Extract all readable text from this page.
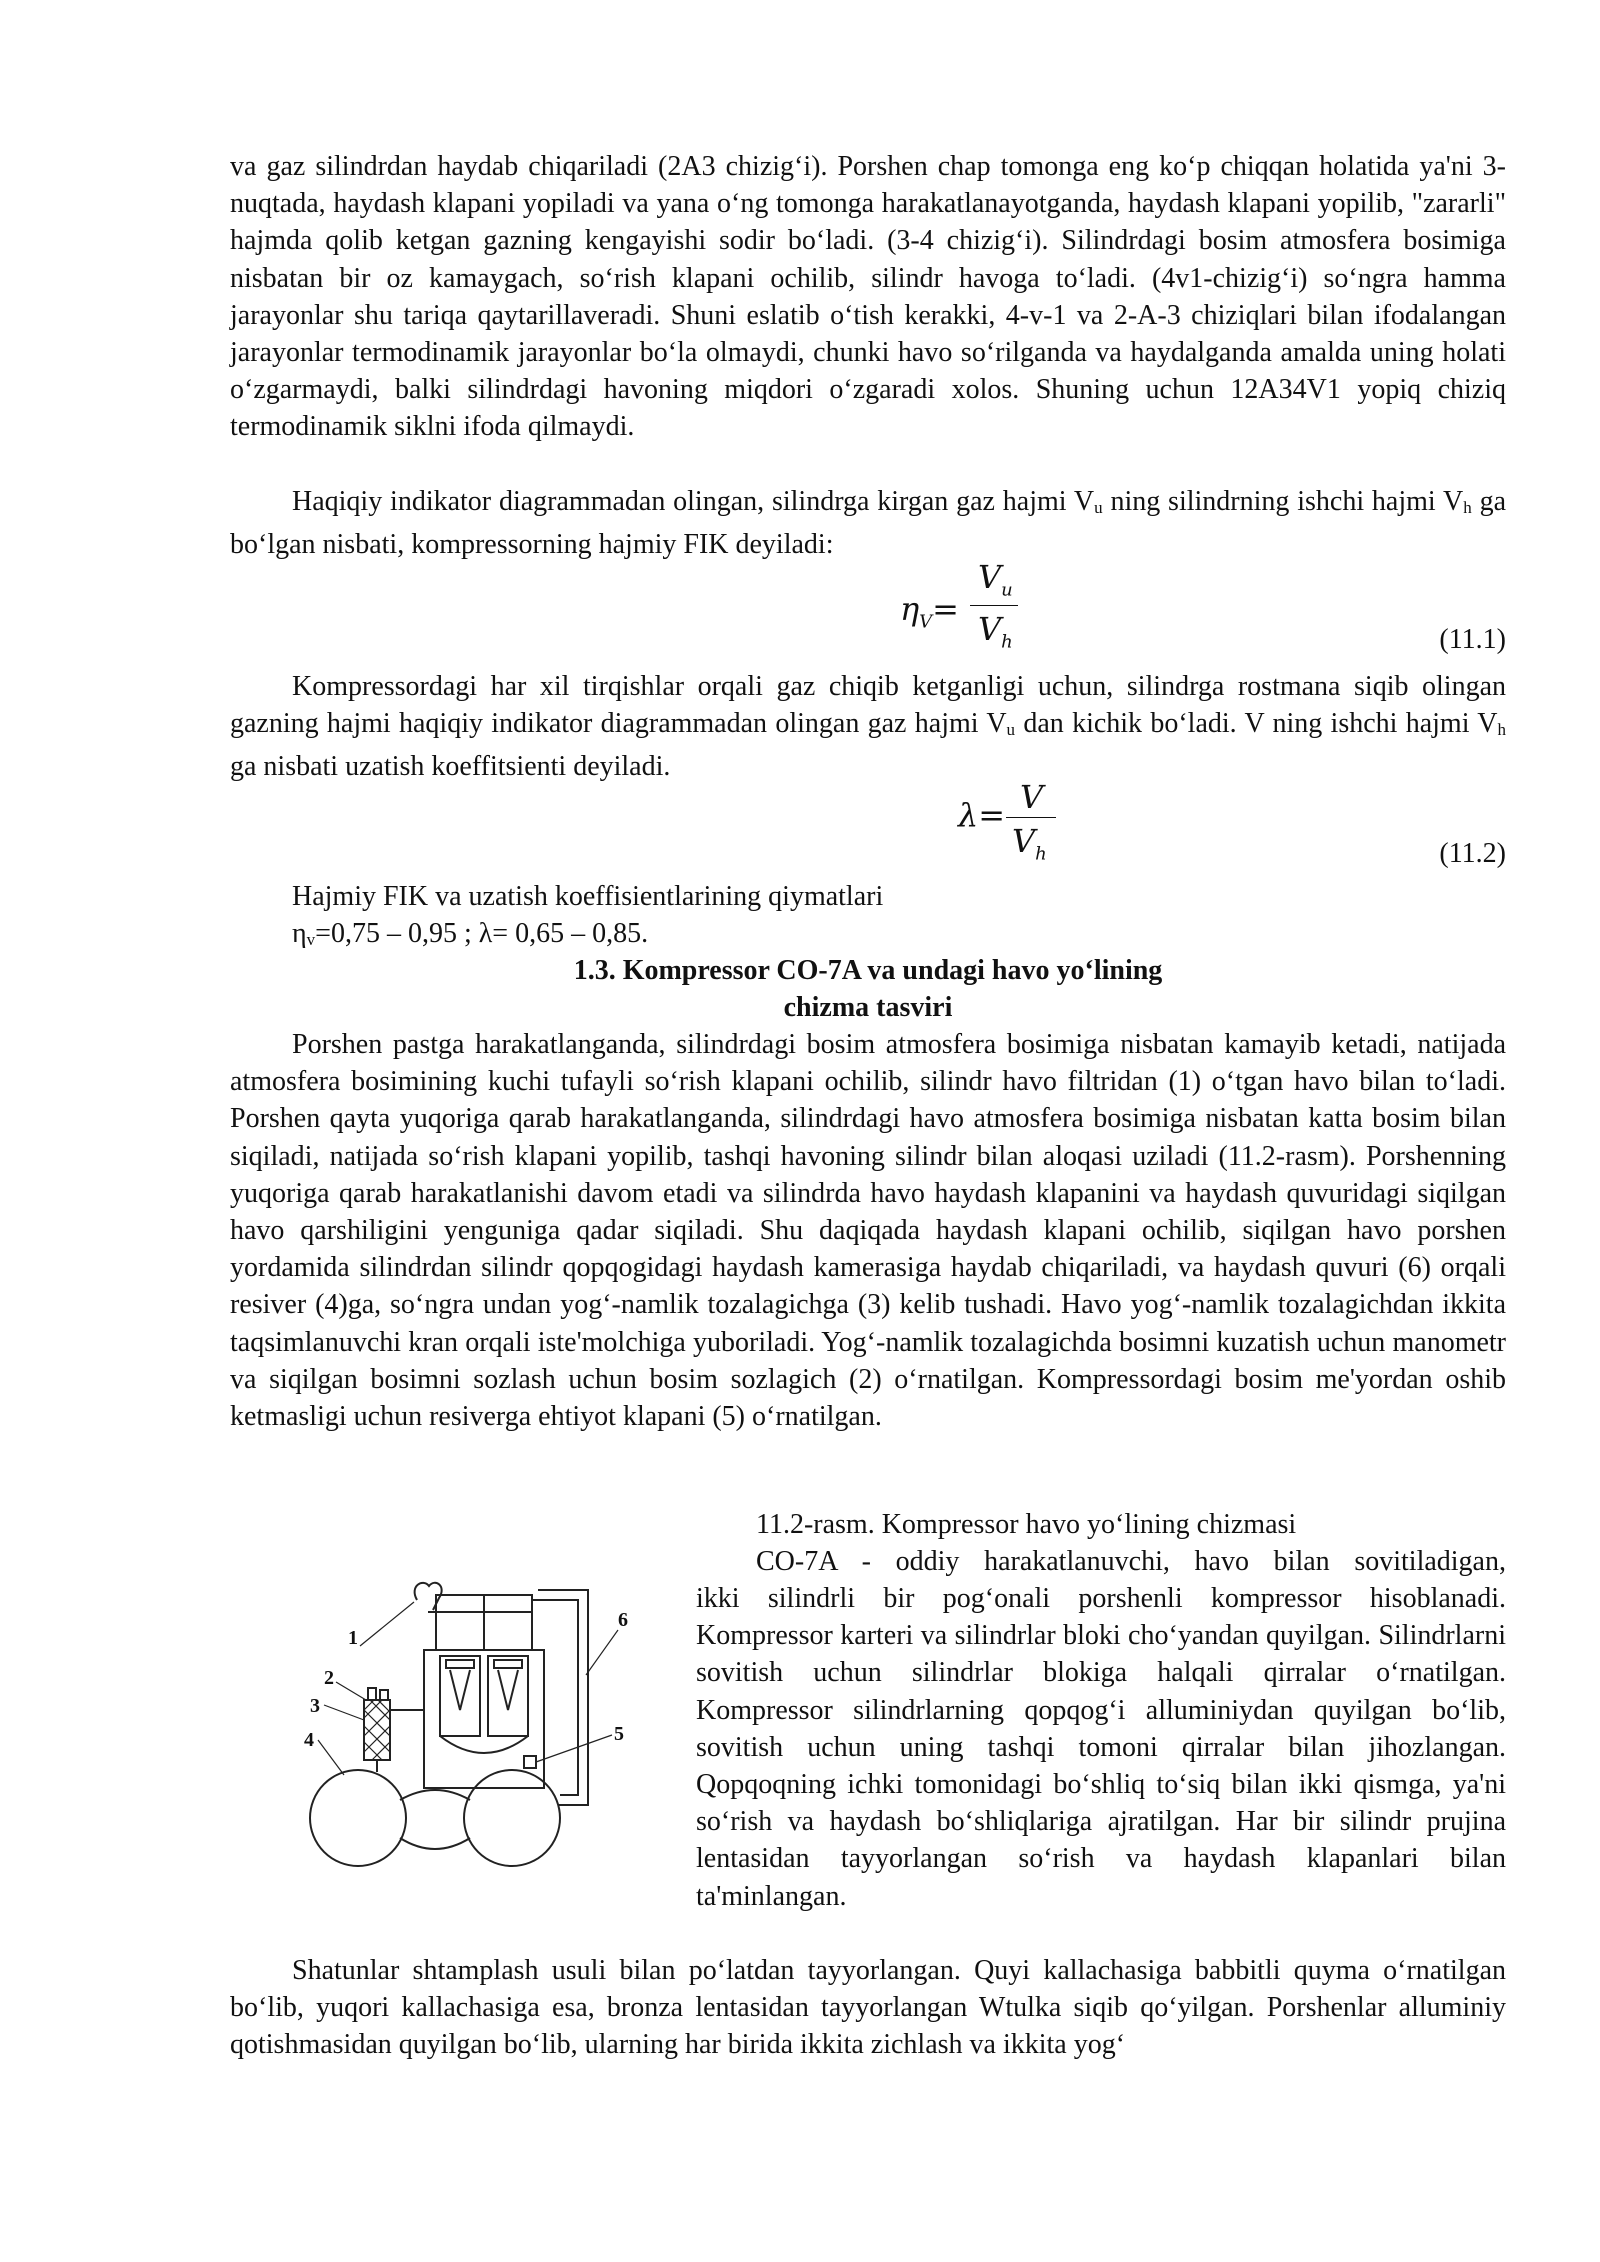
va gaz silindrdan haydab chiqariladi (2A3 chizig‘i). Porshen chap tomonga eng ko‘p chiqqan holatida ya'ni 3-nuqtada, haydash klapani yopiladi va yana o‘ng tomonga harakatlanayotganda, haydash klapani yopilib, "zararli" hajmda qolib ketgan gazning kengayishi sodir bo‘ladi. (3-4 chizig‘i). Silindrdagi bosim atmosfera bosimiga nisbatan bir oz kamaygach, so‘rish klapani ochilib, silindr havoga to‘ladi. (4v1-chizig‘i) so‘ngra hamma jarayonlar shu tariqa qaytarillaveradi. Shuni eslatib o‘tish kerakki, 4-v-1 va 2-A-3 chiziqlari bilan ifodalangan jarayonlar termodinamik jarayonlar bo‘la olmaydi, chunki havo so‘rilganda va haydalganda amalda uning holati o‘zgarmaydi, balki silindrdagi havoning miqdori o‘zgaradi xolos. Shuning uchun 12A34V1 yopiq chiziq termodinamik siklni ifoda qilmaydi.

Haqiqiy indikator diagrammadan olingan, silindrga kirgan gaz hajmi $V_u$ ning silindrning ishchi hajmi $V_h$ ga bo‘lgan nisbati, kompressorning hajmiy FIK deyiladi:

$\eta_V=$
$V_u$
$V_h$	(11.1)

Kompressordagi har xil tirqishlar orqali gaz chiqib ketganligi uchun, silindrga rostmana siqib olingan gazning hajmi haqiqiy indikator diagrammadan olingan gaz hajmi $V_u$ dan kichik bo‘ladi. V ning ishchi hajmi $V_h$ ga nisbati uzatish koeffitsienti deyiladi.

λ= V
$V_h$	(11.2)
Hajmiy FIK va uzatish koeffisientlarining qiymatlari
$\eta_v=0,75 - 0,95$ ; λ= 0,65 – 0,85.
1.3. Kompressor CO-7A va undagi havo yo‘lining
chizma tasviri

Porshen pastga harakatlanganda, silindrdagi bosim atmosfera bosimiga nisbatan kamayib ketadi, natijada atmosfera bosimining kuchi tufayli so‘rish klapani ochilib, silindr havo filtridan (1) o‘tgan havo bilan to‘ladi. Porshen qayta yuqoriga qarab harakatlanganda, silindrdagi havo atmosfera bosimiga nisbatan katta bosim bilan siqiladi, natijada so‘rish klapani yopilib, tashqi havoning silindr bilan aloqasi uziladi (11.2-rasm). Porshenning yuqoriga qarab harakatlanishi davom etadi va silindrda havo haydash klapanini va haydash quvuridagi siqilgan havo qarshiligini yenguniga qadar siqiladi. Shu daqiqada haydash klapani ochilib, siqilgan havo porshen yordamida silindrdan silindr qopqogidagi haydash kamerasiga haydab chiqariladi, va haydash quvuri (6) orqali resiver (4)ga, so‘ngra undan yog‘-namlik tozalagichga (3) kelib tushadi. Havo yog‘-namlik tozalagichdan ikkita taqsimlanuvchi kran orqali iste'molchiga yuboriladi. Yog‘-namlik tozalagichda bosimni kuzatish uchun manometr va siqilgan bosimni sozlash uchun bosim sozlagich (2) o‘rnatilgan. Kompressordagi bosim me'yordan oshib ketmasligi uchun resiverga ehtiyot klapani (5) o‘rnatilgan.

11.2-rasm. Kompressor havo yo‘lining chizmasi
CO-7A - oddiy harakatlanuvchi, havo bilan sovitiladigan,

ikki silindrli bir pog‘onali porshenli kompressor hisoblanadi. Kompressor karteri va silindrlar bloki cho‘yandan quyilgan. Silindrlarni sovitish uchun silindrlar blokiga halqali qirralar o‘rnatilgan. Kompressor silindrlarning qopqog‘i alluminiydan quyilgan bo‘lib, sovitish uchun uning tashqi tomoni qirralar bilan jihozlangan. Qopqoqning ichki tomonidagi bo‘shliq to‘siq bilan ikki qismga, ya'ni so‘rish va haydash bo‘shliqlariga ajratilgan. Har bir silindr prujina lentasidan tayyorlangan so‘rish va haydash klapanlari bilan ta'minlangan.

1
2
3
4	5
6

Shatunlar shtamplash usuli bilan po‘latdan tayyorlangan. Quyi kallachasiga babbitli quyma o‘rnatilgan bo‘lib, yuqori kallachasiga esa, bronza lentasidan tayyorlangan Wtulka siqib qo‘yilgan. Porshenlar alluminiy qotishmasidan quyilgan bo‘lib, ularning har birida ikkita zichlash va ikkita yog‘
